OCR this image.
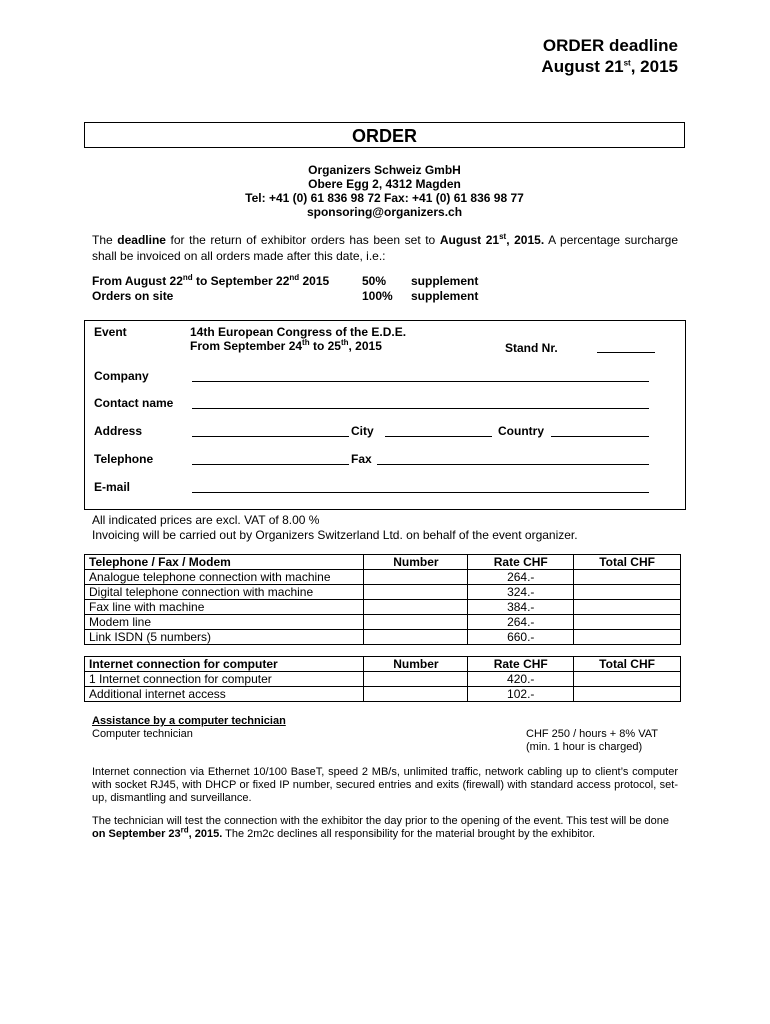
ORDER deadline
August 21st, 2015
ORDER
Organizers Schweiz GmbH
Obere Egg 2, 4312 Magden
Tel: +41 (0) 61 836 98 72 Fax: +41 (0) 61 836 98 77
sponsoring@organizers.ch
The deadline for the return of exhibitor orders has been set to August 21st, 2015. A percentage surcharge shall be invoiced on all orders made after this date, i.e.:
From August 22nd to September 22nd 2015	50%	supplement
Orders on site	100%	supplement
Event	14th European Congress of the E.D.E.
From September 24th to 25th, 2015	Stand Nr.
Company
Contact name
Address	City	Country
Telephone	Fax
E-mail
All indicated prices are excl. VAT of 8.00 %
Invoicing will be carried out by Organizers Switzerland Ltd. on behalf of the event organizer.
Telephone / Fax / Modem	Number	Rate CHF	Total CHF
Analogue telephone connection with machine		264.-	
Digital telephone connection with machine		324.-	
Fax line with machine		384.-	
Modem line		264.-	
Link ISDN (5 numbers)		660.-	
Internet connection for computer	Number	Rate CHF	Total CHF
1 Internet connection for computer		420.-	
Additional internet access		102.-	
Assistance by a computer technician
Computer technician	CHF 250 / hours + 8% VAT
(min. 1 hour is charged)
Internet connection via Ethernet 10/100 BaseT, speed 2 MB/s, unlimited traffic, network cabling up to client’s computer with socket RJ45, with DHCP or fixed IP number, secured entries and exits (firewall) with standard access protocol, set-up, dismantling and surveillance.
The technician will test the connection with the exhibitor the day prior to the opening of the event. This test will be done on September 23rd, 2015. The 2m2c declines all responsibility for the material brought by the exhibitor.
